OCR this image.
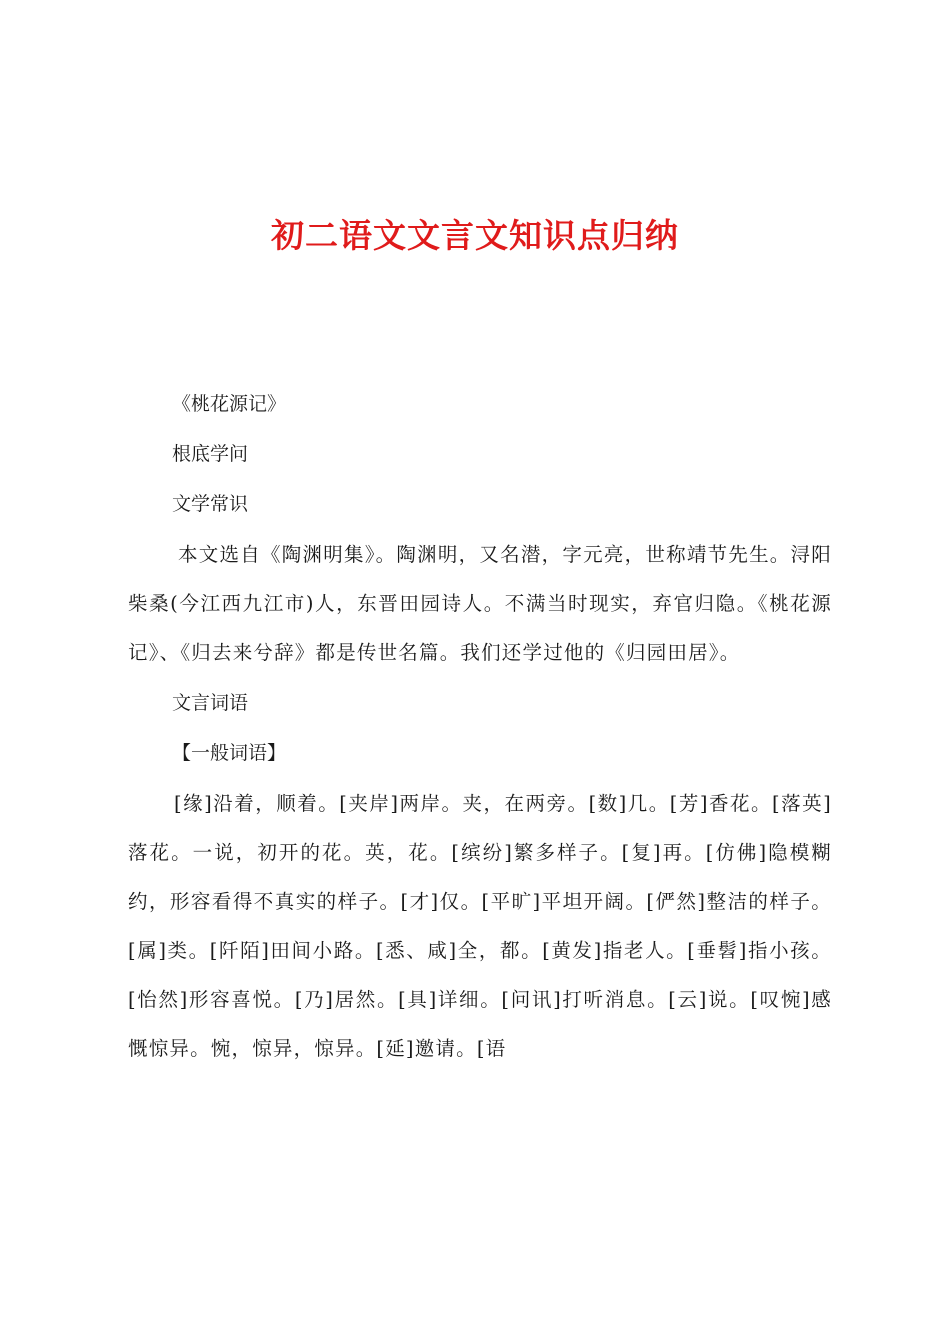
初二语文文言文知识点归纳

《桃花源记》

根底学问

文学常识

本文选自《陶渊明集》。陶渊明，又名潜，字元亮，世称靖节先生。浔阳柴桑(今江西九江市)人，东晋田园诗人。不满当时现实，弃官归隐。《桃花源记》、《归去来兮辞》都是传世名篇。我们还学过他的《归园田居》。

文言词语

【一般词语】

[缘]沿着，顺着。[夹岸]两岸。夹，在两旁。[数]几。[芳]香花。[落英]落花。一说，初开的花。英，花。[缤纷]繁多样子。[复]再。[仿佛]隐模糊约，形容看得不真实的样子。[才]仅。[平旷]平坦开阔。[俨然]整洁的样子。[属]类。[阡陌]田间小路。[悉、咸]全，都。[黄发]指老人。[垂髫]指小孩。[怡然]形容喜悦。[乃]居然。[具]详细。[问讯]打听消息。[云]说。[叹惋]感慨惊异。惋，惊异，惊异。[延]邀请。[语
